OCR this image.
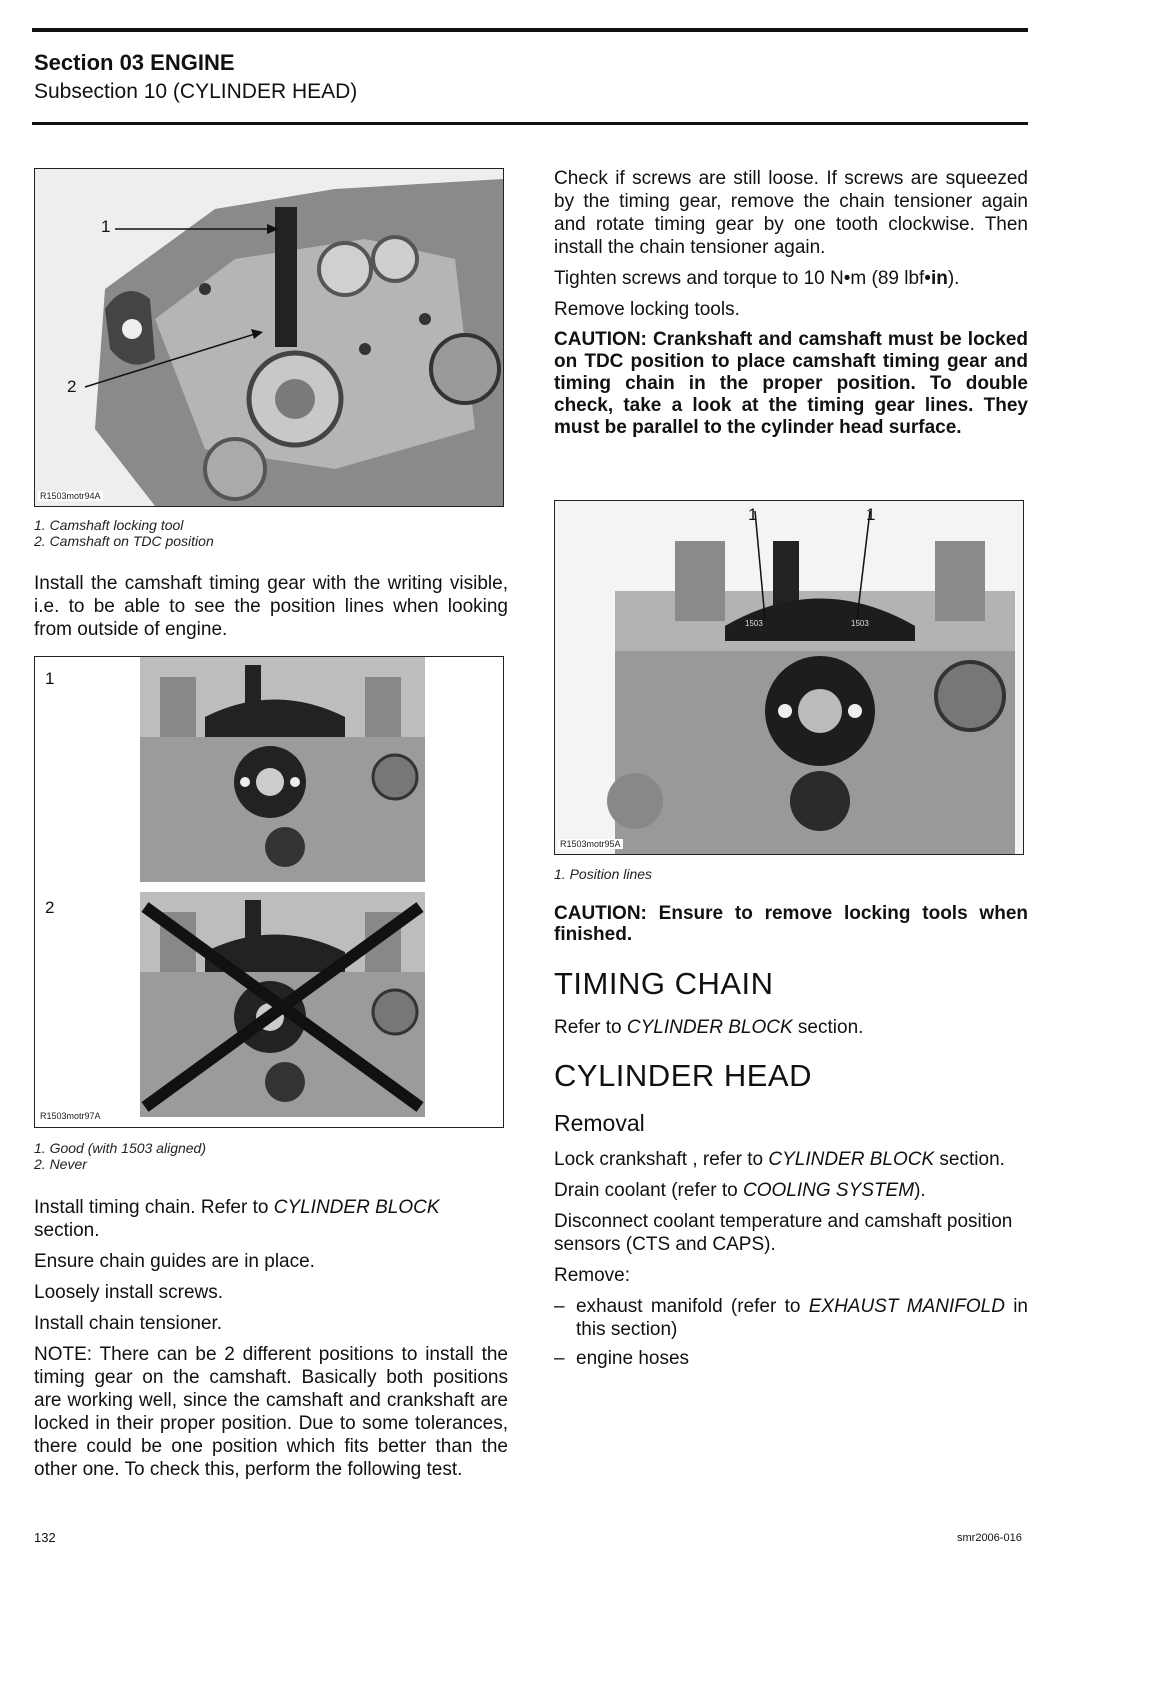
Section 03 ENGINE
Subsection 10 (CYLINDER HEAD)
1
2
R1503motr94A
1. Camshaft locking tool
2. Camshaft on TDC position

Install the camshaft timing gear with the writing visible, i.e. to be able to see the position lines when looking from outside of engine.

1
2
R1503motr97A
1. Good (with 1503 aligned)
2. Never

Install timing chain. Refer to CYLINDER BLOCK section.

Ensure chain guides are in place.

Loosely install screws.

Install chain tensioner.

NOTE: There can be 2 different positions to install the timing gear on the camshaft. Basically both positions are working well, since the camshaft and crankshaft are locked in their proper position. Due to some tolerances, there could be one position which fits better than the other one. To check this, perform the following test.

Check if screws are still loose. If screws are squeezed by the timing gear, remove the chain tensioner again and rotate timing gear by one tooth clockwise. Then install the chain tensioner again.

Tighten screws and torque to 10 N•m (89 lbf•in).

Remove locking tools.

CAUTION: Crankshaft and camshaft must be locked on TDC position to place camshaft timing gear and timing chain in the proper position. To double check, take a look at the timing gear lines. They must be parallel to the cylinder head surface.

1	1
1503	1503
R1503motr95A
1. Position lines

CAUTION: Ensure to remove locking tools when finished.

TIMING CHAIN

Refer to CYLINDER BLOCK section.

CYLINDER HEAD
Removal

Lock crankshaft , refer to CYLINDER BLOCK section.

Drain coolant (refer to COOLING SYSTEM).

Disconnect coolant temperature and camshaft position sensors (CTS and CAPS).

Remove:

– exhaust manifold (refer to EXHAUST MANIFOLD in this section)
– engine hoses
132	smr2006-016
